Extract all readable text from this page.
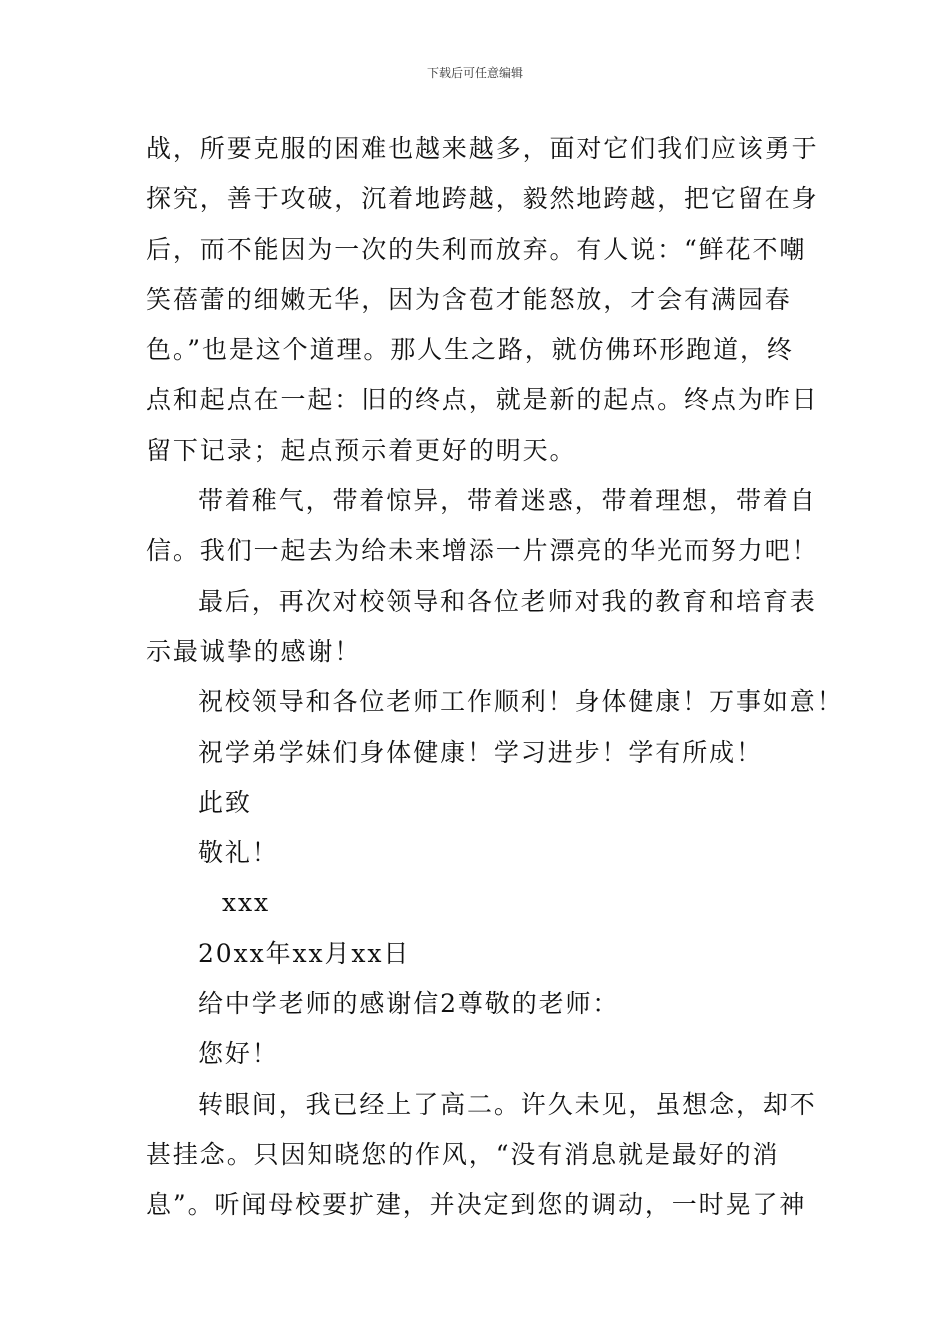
下载后可任意编辑
战，所要克服的困难也越来越多，面对它们我们应该勇于
探究，善于攻破，沉着地跨越，毅然地跨越，把它留在身
后，而不能因为一次的失利而放弃。有人说：“鲜花不嘲
笑蓓蕾的细嫩无华，因为含苞才能怒放，才会有满园春
色。”也是这个道理。那人生之路，就仿佛环形跑道，终
点和起点在一起：旧的终点，就是新的起点。终点为昨日
留下记录；起点预示着更好的明天。
带着稚气，带着惊异，带着迷惑，带着理想，带着自
信。我们一起去为给未来增添一片漂亮的华光而努力吧！
最后，再次对校领导和各位老师对我的教育和培育表
示最诚挚的感谢！
祝校领导和各位老师工作顺利！身体健康！万事如意！
祝学弟学妹们身体健康！学习进步！学有所成！
此致
敬礼！
xxx
20xx年xx月xx日
给中学老师的感谢信2尊敬的老师：
您好！
转眼间，我已经上了高二。许久未见，虽想念，却不
甚挂念。只因知晓您的作风，“没有消息就是最好的消
息”。听闻母校要扩建，并决定到您的调动，一时晃了神
